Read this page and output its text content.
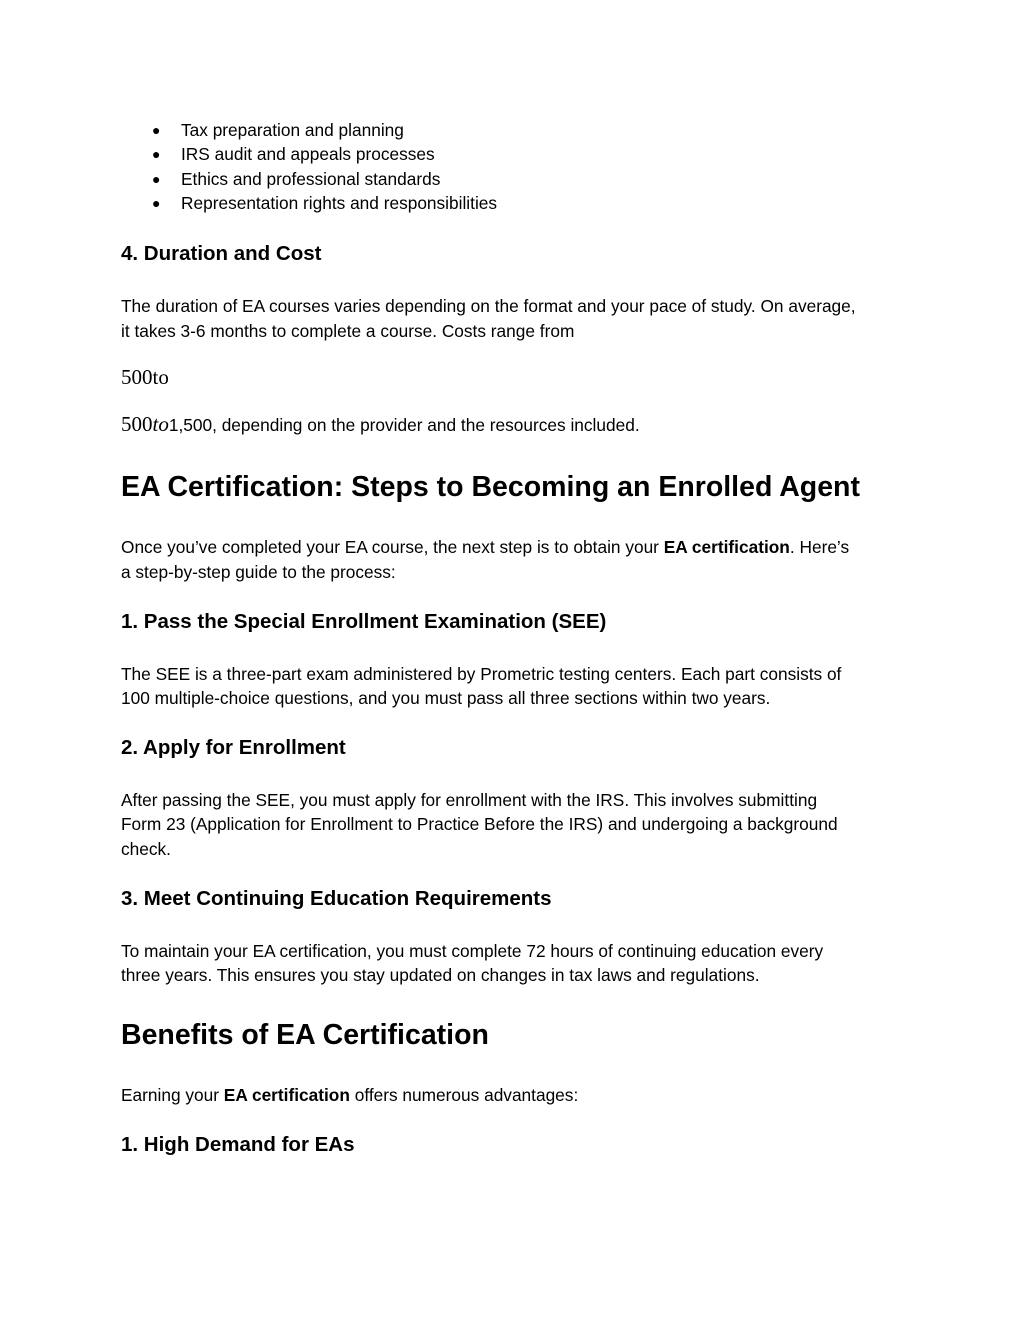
● Tax preparation and planning
● IRS audit and appeals processes
● Ethics and professional standards
● Representation rights and responsibilities
4. Duration and Cost
The duration of EA courses varies depending on the format and your pace of study. On average,
it takes 3-6 months to complete a course. Costs range from
500to
500to1,500, depending on the provider and the resources included.
EA Certification: Steps to Becoming an Enrolled Agent
Once you’ve completed your EA course, the next step is to obtain your EA certification. Here’s
a step-by-step guide to the process:
1. Pass the Special Enrollment Examination (SEE)
The SEE is a three-part exam administered by Prometric testing centers. Each part consists of
100 multiple-choice questions, and you must pass all three sections within two years.
2. Apply for Enrollment
After passing the SEE, you must apply for enrollment with the IRS. This involves submitting
Form 23 (Application for Enrollment to Practice Before the IRS) and undergoing a background
check.
3. Meet Continuing Education Requirements
To maintain your EA certification, you must complete 72 hours of continuing education every
three years. This ensures you stay updated on changes in tax laws and regulations.
Benefits of EA Certification
Earning your EA certification offers numerous advantages:
1. High Demand for EAs
